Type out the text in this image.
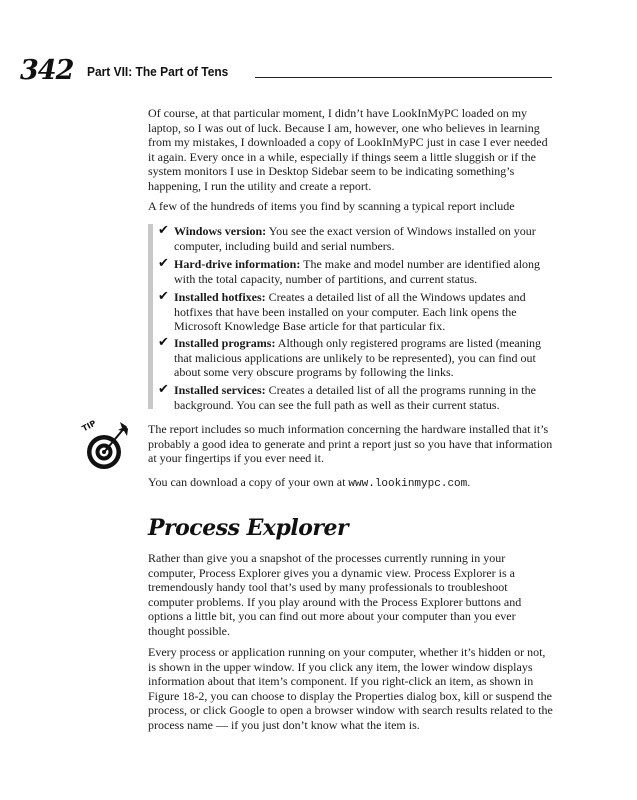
342 Part VII: The Part of Tens

Of course, at that particular moment, I didn’t have LookInMyPC loaded on my laptop, so I was out of luck. Because I am, however, one who believes in learning from my mistakes, I downloaded a copy of LookInMyPC just in case I ever needed it again. Every once in a while, especially if things seem a little sluggish or if the system monitors I use in Desktop Sidebar seem to be indicating something’s happening, I run the utility and create a report.

A few of the hundreds of items you find by scanning a typical report include

✔ Windows version: You see the exact version of Windows installed on your computer, including build and serial numbers.
✔ Hard-drive information: The make and model number are identified along with the total capacity, number of partitions, and current status.
✔ Installed hotfixes: Creates a detailed list of all the Windows updates and hotfixes that have been installed on your computer. Each link opens the Microsoft Knowledge Base article for that particular fix.
✔ Installed programs: Although only registered programs are listed (meaning that malicious applications are unlikely to be represented), you can find out about some very obscure programs by following the links.
✔ Installed services: Creates a detailed list of all the programs running in the background. You can see the full path as well as their current status.
TIP	The report includes so much information concerning the hardware installed that it’s probably a good idea to generate and print a report just so you have that information at your fingertips if you ever need it.

You can download a copy of your own at www.lookinmypc.com.

Process Explorer

Rather than give you a snapshot of the processes currently running in your computer, Process Explorer gives you a dynamic view. Process Explorer is a tremendously handy tool that’s used by many professionals to troubleshoot computer problems. If you play around with the Process Explorer buttons and options a little bit, you can find out more about your computer than you ever thought possible.

Every process or application running on your computer, whether it’s hidden or not, is shown in the upper window. If you click any item, the lower window displays information about that item’s component. If you right-click an item, as shown in Figure 18-2, you can choose to display the Properties dialog box, kill or suspend the process, or click Google to open a browser window with search results related to the process name — if you just don’t know what the item is.
